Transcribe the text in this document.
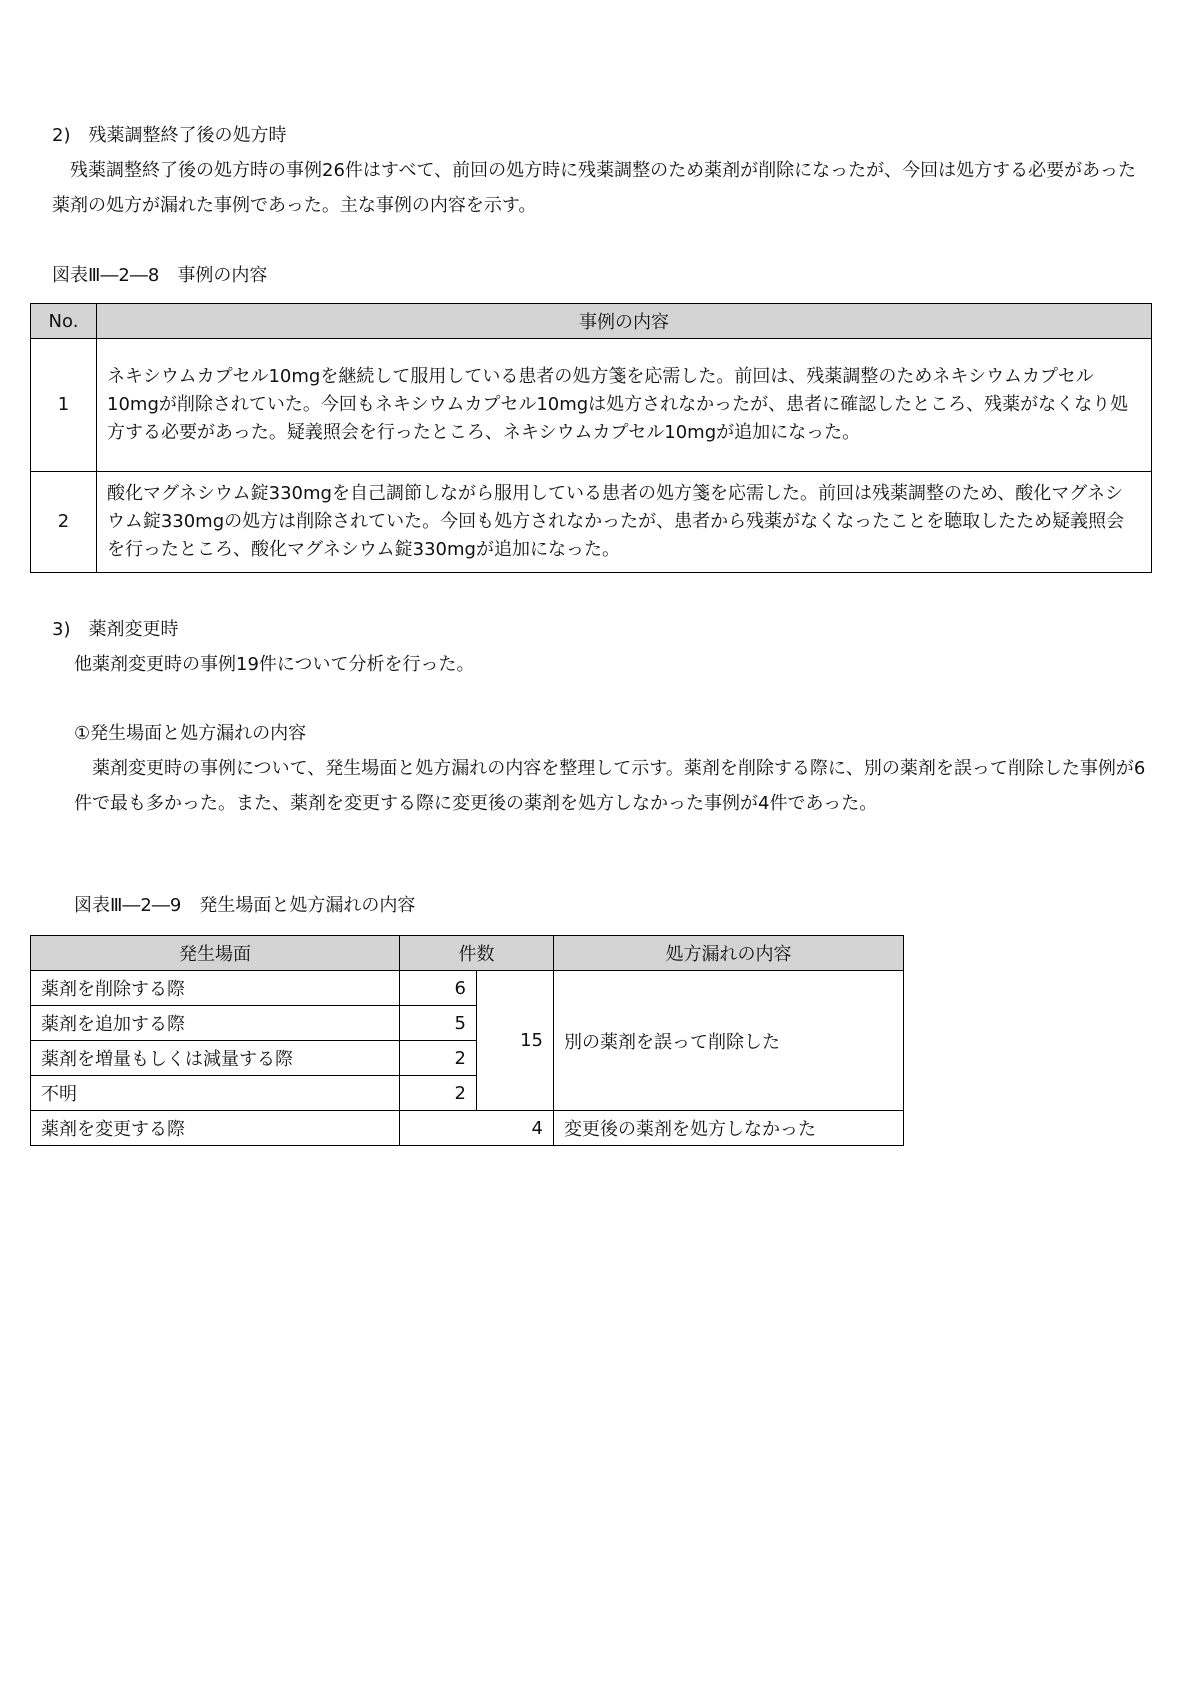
2)　残薬調整終了後の処方時
残薬調整終了後の処方時の事例26件はすべて、前回の処方時に残薬調整のため薬剤が削除になったが、今回は処方する必要があった薬剤の処方が漏れた事例であった。主な事例の内容を示す。
図表Ⅲ―2―8　事例の内容
No.	事例の内容
1	ネキシウムカプセル10mgを継続して服用している患者の処方箋を応需した。前回は、残薬調整のためネキシウムカプセル10mgが削除されていた。今回もネキシウムカプセル10mgは処方されなかったが、患者に確認したところ、残薬がなくなり処方する必要があった。疑義照会を行ったところ、ネキシウムカプセル10mgが追加になった。
2	酸化マグネシウム錠330mgを自己調節しながら服用している患者の処方箋を応需した。前回は残薬調整のため、酸化マグネシウム錠330mgの処方は削除されていた。今回も処方されなかったが、患者から残薬がなくなったことを聴取したため疑義照会を行ったところ、酸化マグネシウム錠330mgが追加になった。
3)　薬剤変更時
他薬剤変更時の事例19件について分析を行った。
①発生場面と処方漏れの内容
薬剤変更時の事例について、発生場面と処方漏れの内容を整理して示す。薬剤を削除する際に、別の薬剤を誤って削除した事例が6件で最も多かった。また、薬剤を変更する際に変更後の薬剤を処方しなかった事例が4件であった。
図表Ⅲ―2―9　発生場面と処方漏れの内容
発生場面	件数		処方漏れの内容
薬剤を削除する際	6	15	別の薬剤を誤って削除した
薬剤を追加する際	5		
薬剤を増量もしくは減量する際	2		
不明	2		
薬剤を変更する際	4		変更後の薬剤を処方しなかった
